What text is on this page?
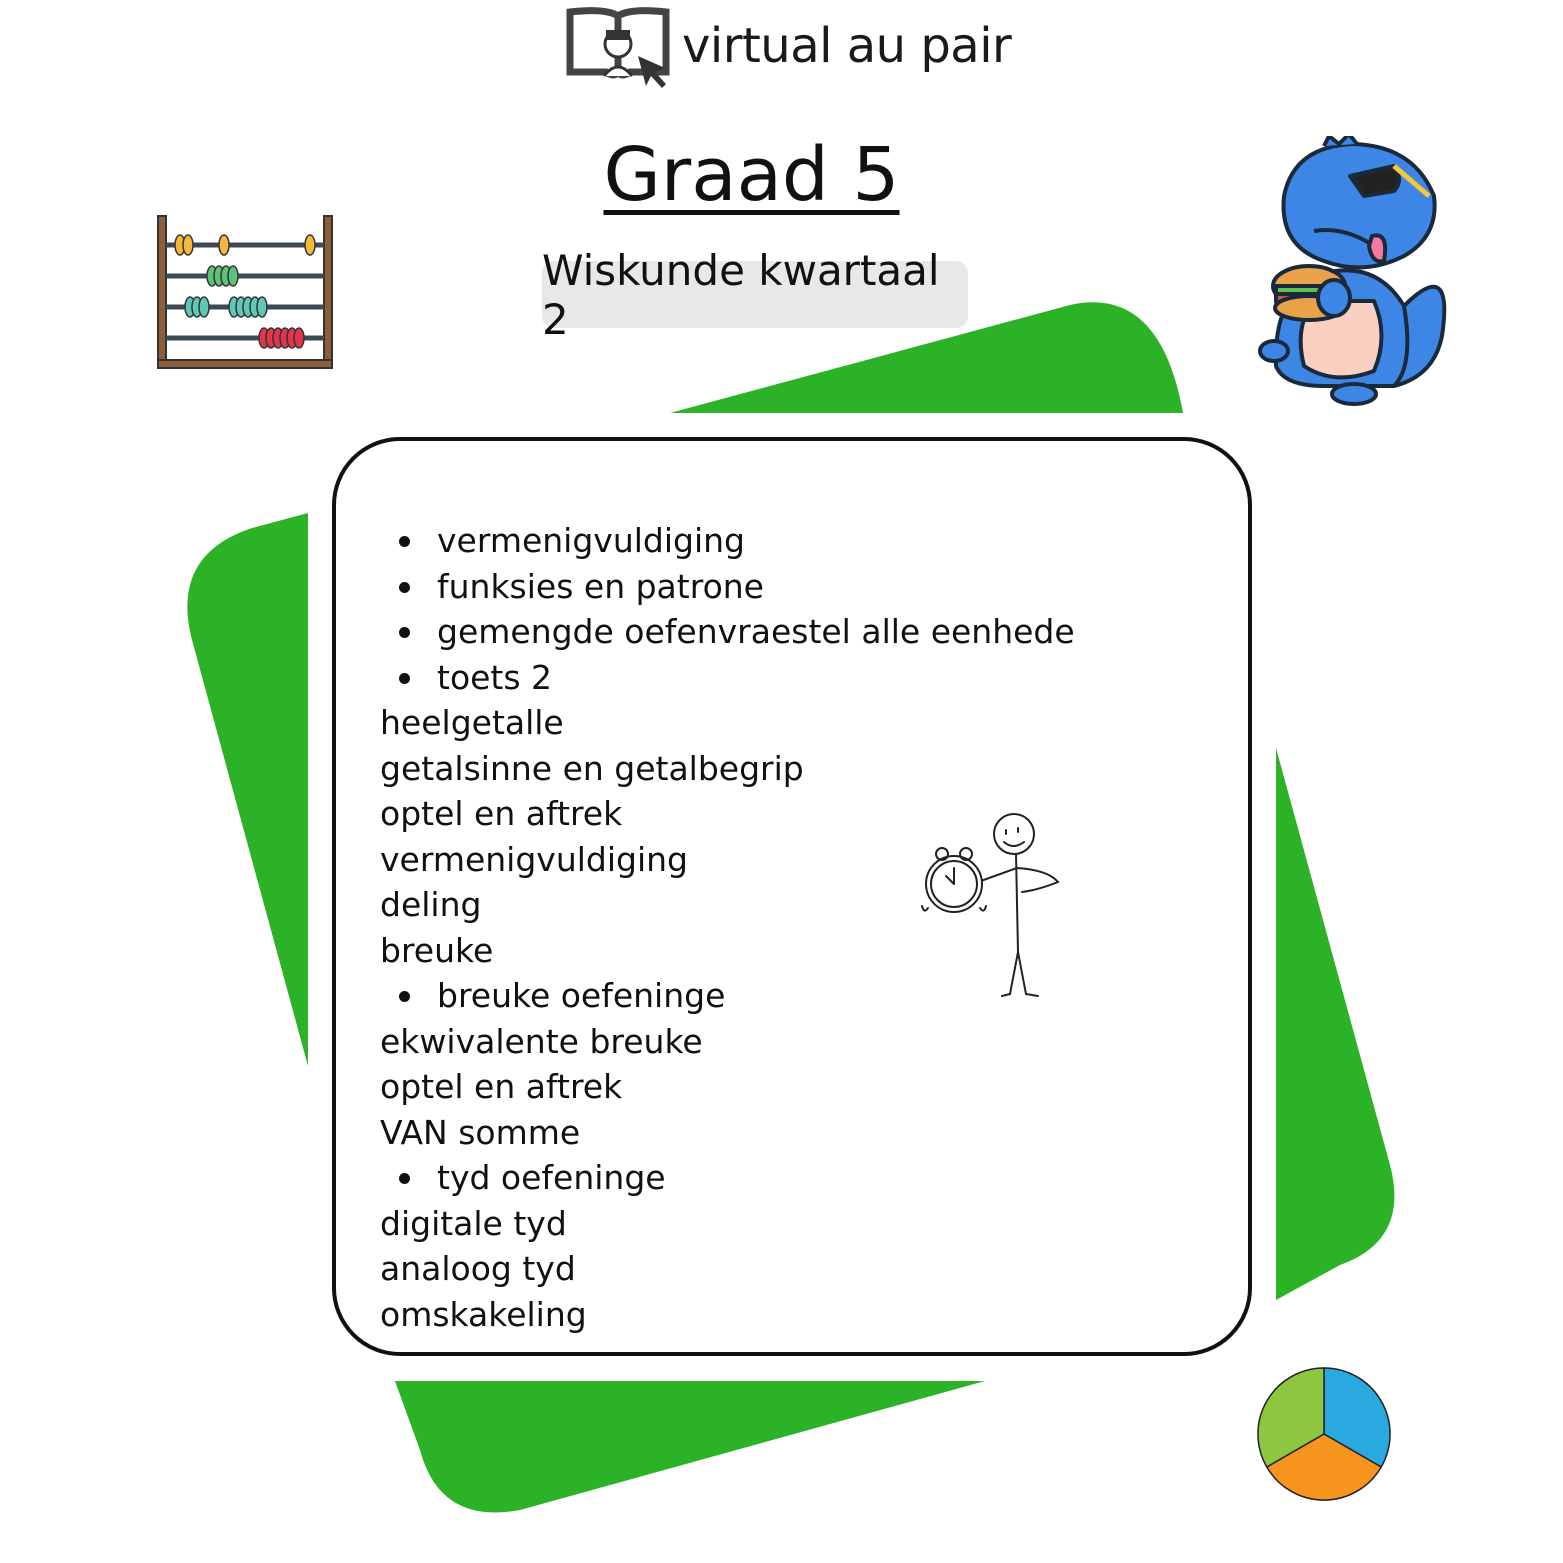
virtual au pair
Graad 5
Wiskunde kwartaal 2
vermenigvuldiging
funksies en patrone
gemengde oefenvraestel alle eenhede
toets 2
heelgetalle
getalsinne en getalbegrip
optel en aftrek
vermenigvuldiging
deling
breuke
breuke oefeninge
ekwivalente breuke
optel en aftrek
VAN somme
tyd oefeninge
digitale tyd
analoog tyd
omskakeling
